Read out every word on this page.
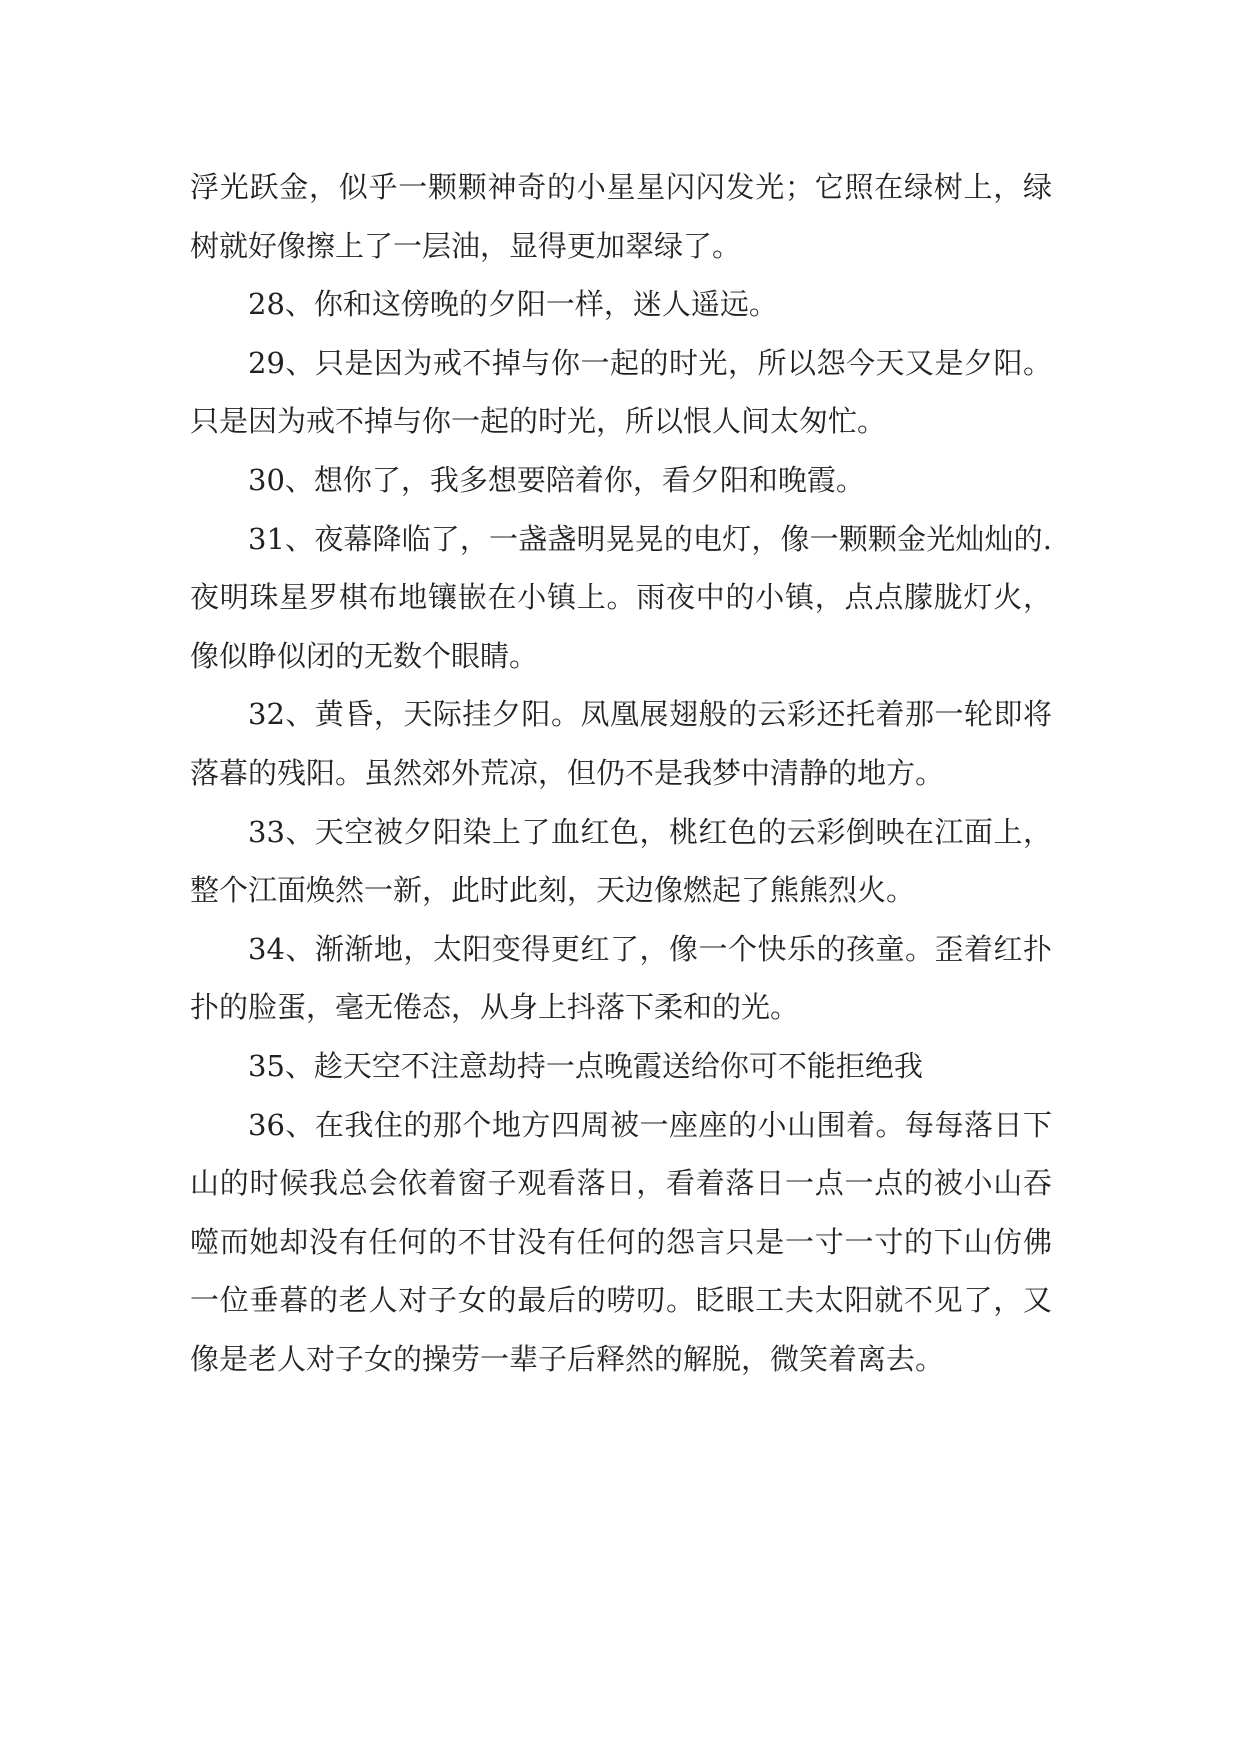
浮光跃金，似乎一颗颗神奇的小星星闪闪发光；它照在绿树上，绿树就好像擦上了一层油，显得更加翠绿了。

28、你和这傍晚的夕阳一样，迷人遥远。

29、只是因为戒不掉与你一起的时光，所以怨今天又是夕阳。只是因为戒不掉与你一起的时光，所以恨人间太匆忙。

30、想你了，我多想要陪着你，看夕阳和晚霞。

31、夜幕降临了，一盏盏明晃晃的电灯，像一颗颗金光灿灿的.夜明珠星罗棋布地镶嵌在小镇上。雨夜中的小镇，点点朦胧灯火，像似睁似闭的无数个眼睛。

32、黄昏，天际挂夕阳。凤凰展翅般的云彩还托着那一轮即将落暮的残阳。虽然郊外荒凉，但仍不是我梦中清静的地方。

33、天空被夕阳染上了血红色，桃红色的云彩倒映在江面上，整个江面焕然一新，此时此刻，天边像燃起了熊熊烈火。

34、渐渐地，太阳变得更红了，像一个快乐的孩童。歪着红扑扑的脸蛋，毫无倦态，从身上抖落下柔和的光。

35、趁天空不注意劫持一点晚霞送给你可不能拒绝我

36、在我住的那个地方四周被一座座的小山围着。每每落日下山的时候我总会依着窗子观看落日，看着落日一点一点的被小山吞噬而她却没有任何的不甘没有任何的怨言只是一寸一寸的下山仿佛一位垂暮的老人对子女的最后的唠叨。眨眼工夫太阳就不见了，又像是老人对子女的操劳一辈子后释然的解脱，微笑着离去。
